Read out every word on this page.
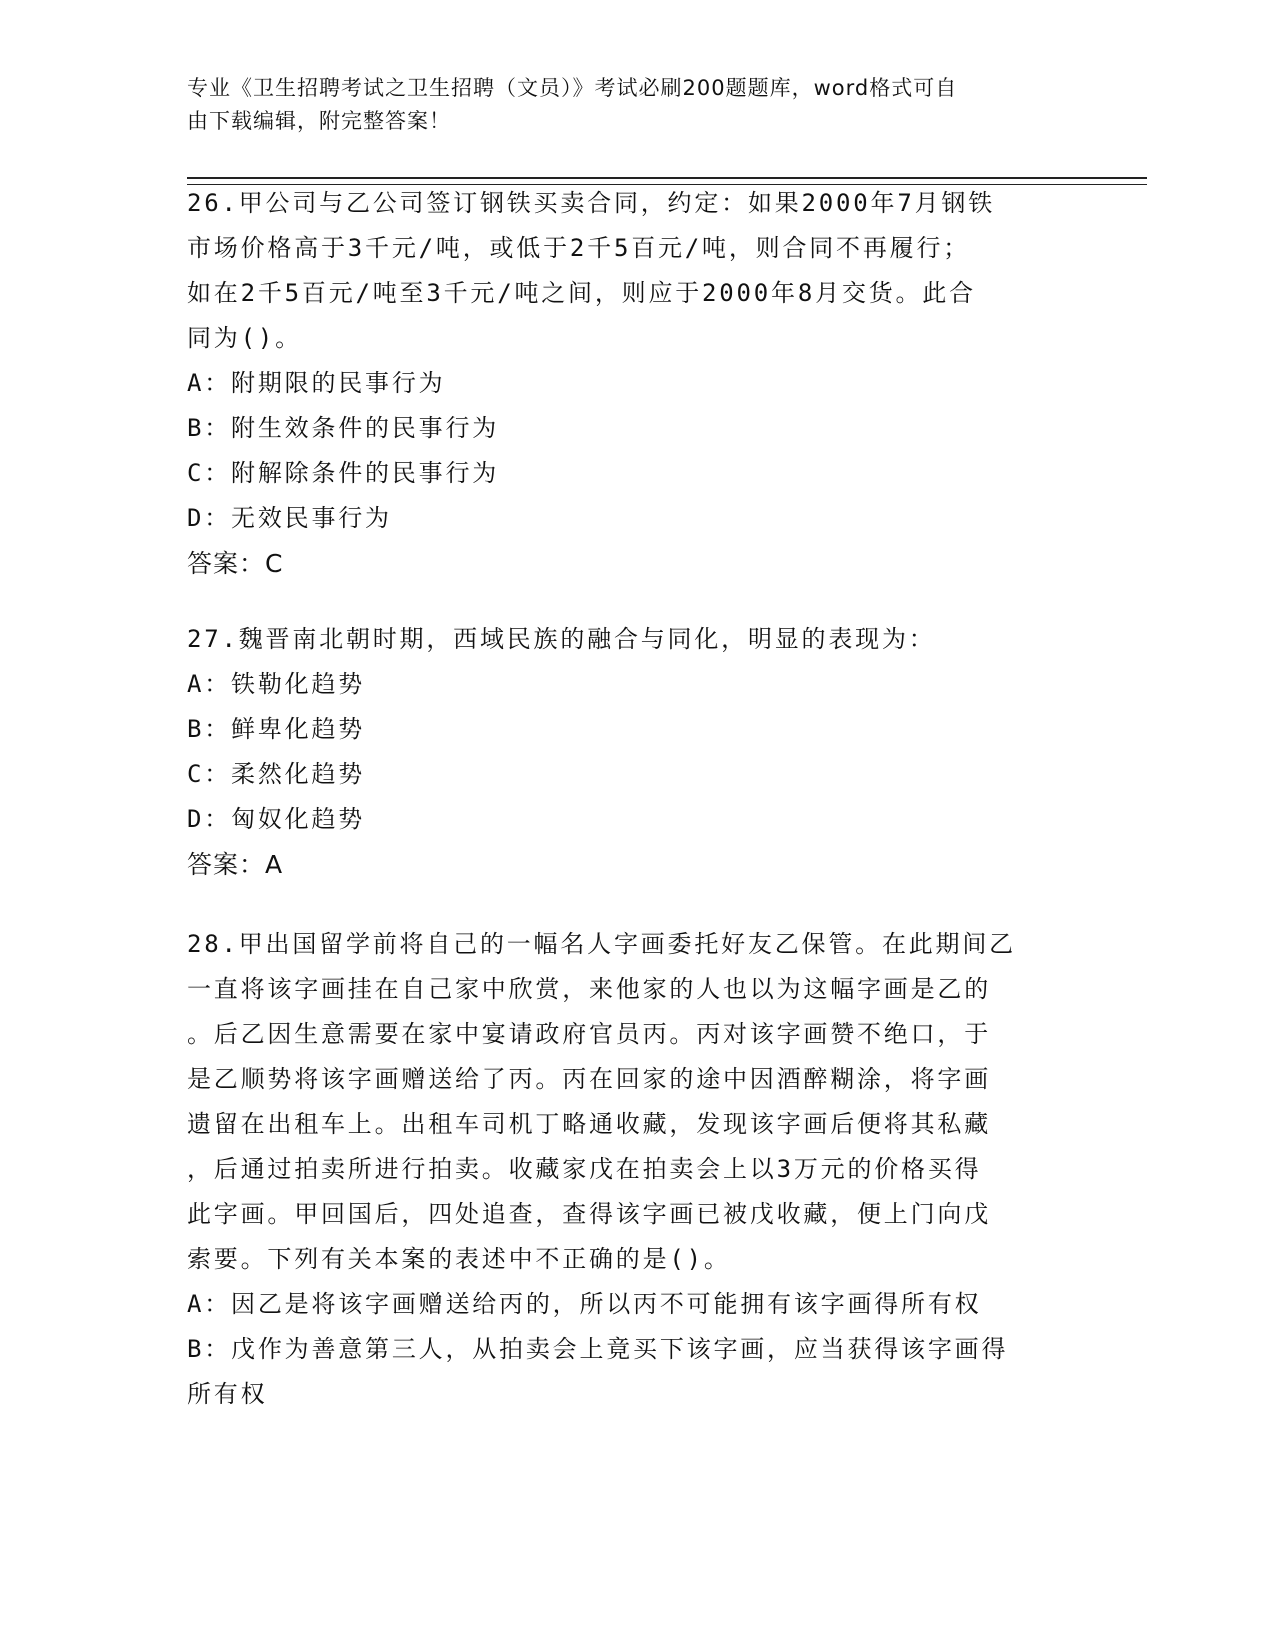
专业《卫生招聘考试之卫生招聘（文员）》考试必刷200题题库，word格式可自
由下载编辑，附完整答案！
26.甲公司与乙公司签订钢铁买卖合同，约定：如果2000年7月钢铁
市场价格高于3千元/吨，或低于2千5百元/吨，则合同不再履行；
如在2千5百元/吨至3千元/吨之间，则应于2000年8月交货。此合
同为()。
A：附期限的民事行为
B：附生效条件的民事行为
C：附解除条件的民事行为
D：无效民事行为
答案：C
27.魏晋南北朝时期，西域民族的融合与同化，明显的表现为：
A：铁勒化趋势
B：鲜卑化趋势
C：柔然化趋势
D：匈奴化趋势
答案：A
28.甲出国留学前将自己的一幅名人字画委托好友乙保管。在此期间乙
一直将该字画挂在自己家中欣赏，来他家的人也以为这幅字画是乙的
。后乙因生意需要在家中宴请政府官员丙。丙对该字画赞不绝口，于
是乙顺势将该字画赠送给了丙。丙在回家的途中因酒醉糊涂，将字画
遗留在出租车上。出租车司机丁略通收藏，发现该字画后便将其私藏
，后通过拍卖所进行拍卖。收藏家戊在拍卖会上以3万元的价格买得
此字画。甲回国后，四处追查，查得该字画已被戊收藏，便上门向戊
索要。下列有关本案的表述中不正确的是()。
A：因乙是将该字画赠送给丙的，所以丙不可能拥有该字画得所有权
B：戊作为善意第三人，从拍卖会上竟买下该字画，应当获得该字画得
所有权
